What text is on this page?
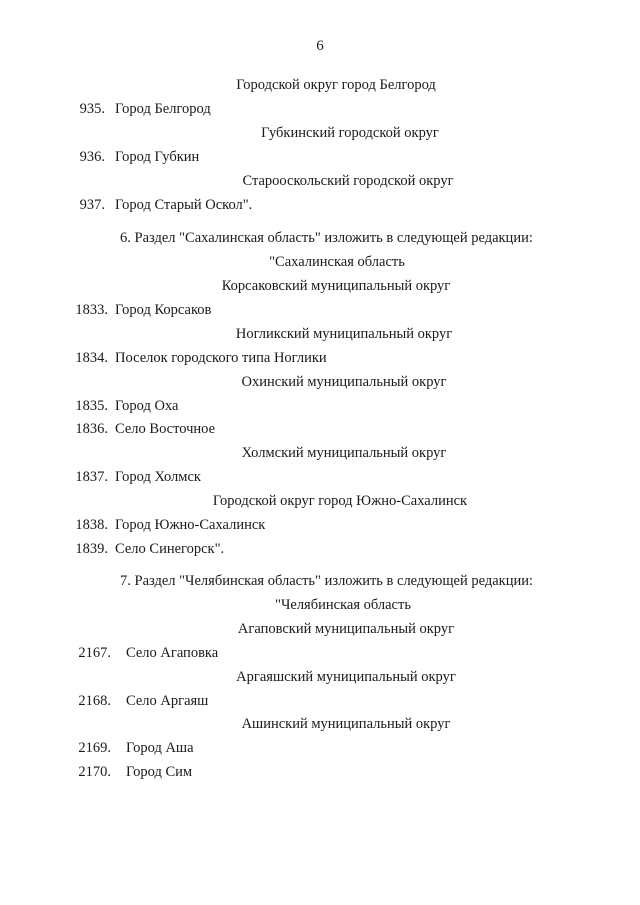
6
Городской округ город Белгород
935. Город Белгород
Губкинский городской округ
936. Город Губкин
Старооскольский городской округ
937. Город Старый Оскол".
6. Раздел "Сахалинская область" изложить в следующей редакции:
"Сахалинская область
Корсаковский муниципальный округ
1833. Город Корсаков
Ногликский муниципальный округ
1834. Поселок городского типа Ноглики
Охинский муниципальный округ
1835. Город Оха
1836. Село Восточное
Холмский муниципальный округ
1837. Город Холмск
Городской округ город Южно-Сахалинск
1838. Город Южно-Сахалинск
1839. Село Синегорск".
7. Раздел "Челябинская область" изложить в следующей редакции:
"Челябинская область
Агаповский муниципальный округ
2167. Село Агаповка
Аргаяшский муниципальный округ
2168. Село Аргаяш
Ашинский муниципальный округ
2169. Город Аша
2170. Город Сим
